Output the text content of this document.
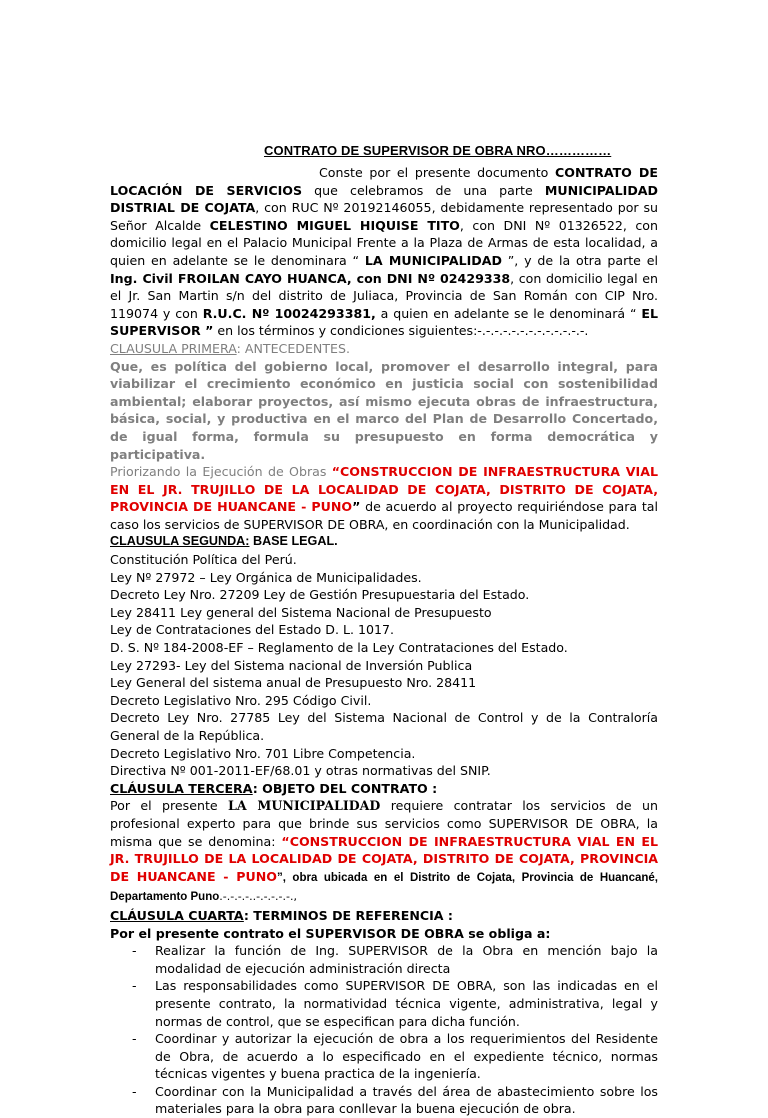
CONTRATO DE SUPERVISOR DE OBRA NRO……………

Conste por el presente documento CONTRATO DE LOCACIÓN DE SERVICIOS que celebramos de una parte MUNICIPALIDAD DISTRIAL DE COJATA, con RUC Nº 20192146055, debidamente representado por su Señor Alcalde CELESTINO MIGUEL HIQUISE TITO, con DNI Nº 01326522, con domicilio legal en el Palacio Municipal Frente a la Plaza de Armas de esta localidad, a quien en adelante se le denominara “ LA MUNICIPALIDAD ”, y de la otra parte el Ing. Civil FROILAN CAYO HUANCA, con DNI Nº 02429338, con domicilio legal en el Jr. San Martin s/n del distrito de Juliaca, Provincia de San Román con CIP Nro. 119074 y con R.U.C. Nº 10024293381, a quien en adelante se le denominará “ EL SUPERVISOR ” en los términos y condiciones siguientes:-.-.-.-.-.-.-.-.-.-.-.-.-.

CLAUSULA PRIMERA: ANTECEDENTES.

Que, es política del gobierno local, promover el desarrollo integral, para viabilizar el crecimiento económico en justicia social con sostenibilidad ambiental; elaborar proyectos, así mismo ejecuta obras de infraestructura, básica, social, y productiva en el marco del Plan de Desarrollo Concertado, de igual forma, formula su presupuesto en forma democrática y participativa.

Priorizando la Ejecución de Obras “CONSTRUCCION DE INFRAESTRUCTURA VIAL EN EL JR. TRUJILLO DE LA LOCALIDAD DE COJATA, DISTRITO DE COJATA, PROVINCIA DE HUANCANE - PUNO” de acuerdo al proyecto requiriéndose para tal caso los servicios de SUPERVISOR DE OBRA, en coordinación con la Municipalidad.

CLAUSULA SEGUNDA: BASE LEGAL.
Constitución Política del Perú.
Ley Nº 27972 – Ley Orgánica de Municipalidades.
Decreto Ley Nro. 27209 Ley de Gestión Presupuestaria del Estado.
Ley 28411 Ley general del Sistema Nacional de Presupuesto
Ley de Contrataciones del Estado D. L. 1017.
D. S. Nº 184-2008-EF – Reglamento de la Ley Contrataciones del Estado.
Ley 27293- Ley del Sistema nacional de Inversión Publica
Ley General del sistema anual de Presupuesto Nro. 28411
Decreto Legislativo Nro. 295 Código Civil.
Decreto Ley Nro. 27785 Ley del Sistema Nacional de Control y de la Contraloría General de la República.
Decreto Legislativo Nro. 701 Libre Competencia.
Directiva Nº 001-2011-EF/68.01 y otras normativas del SNIP.
CLÁUSULA TERCERA: OBJETO DEL CONTRATO :

Por el presente LA MUNICIPALIDAD requiere contratar los servicios de un profesional experto para que brinde sus servicios como SUPERVISOR DE OBRA, la misma que se denomina: “CONSTRUCCION DE INFRAESTRUCTURA VIAL EN EL JR. TRUJILLO DE LA LOCALIDAD DE COJATA, DISTRITO DE COJATA, PROVINCIA DE HUANCANE - PUNO”, obra ubicada en el Distrito de Cojata, Provincia de Huancané, Departamento Puno.-.-.-.-..-.-.-.-.-.,

CLÁUSULA CUARTA: TERMINOS DE REFERENCIA :
Por el presente contrato el SUPERVISOR DE OBRA se obliga a:
- Realizar la función de Ing. SUPERVISOR de la Obra en mención bajo la modalidad de ejecución administración directa
- Las responsabilidades como SUPERVISOR DE OBRA, son las indicadas en el presente contrato, la normatividad técnica vigente, administrativa, legal y normas de control, que se especifican para dicha función.
- Coordinar y autorizar la ejecución de obra a los requerimientos del Residente de Obra, de acuerdo a lo especificado en el expediente técnico, normas técnicas vigentes y buena practica de la ingeniería.
- Coordinar con la Municipalidad a través del área de abastecimiento sobre los materiales para la obra para conllevar la buena ejecución de obra.
